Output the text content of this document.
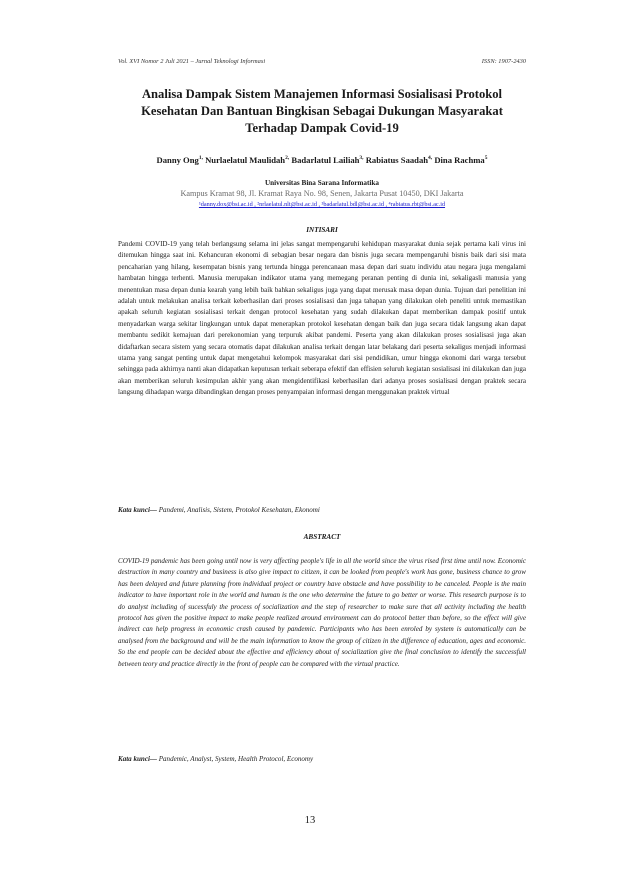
Vol. XVI Nomor 2 Juli 2021 – Jurnal Teknologi Informasi	ISSN: 1907-2430
Analisa Dampak Sistem Manajemen Informasi Sosialisasi Protokol Kesehatan Dan Bantuan Bingkisan Sebagai Dukungan Masyarakat Terhadap Dampak Covid-19
Danny Ong$^{1,}$ Nurlaelatul Maulidah$^{2,}$ Badarlatul Lailiah$^{3,}$ Rabiatus Saadah$^{4,}$ Dina Rachma$^5$
Universitas Bina Sarana Informatika
Kampus Kramat 98, Jl. Kramat Raya No. 98, Senen, Jakarta Pusat 10450, DKI Jakarta
¹danny.dox@bsi.ac.id , ²nrlaelatul.nlt@bsi.ac.id , ³badarlatul.bdl@bsi.ac.id , ⁴rabiatus.rbt@bsi.ac.id
INTISARI
Pandemi COVID-19 yang telah berlangsung selama ini jelas sangat mempengaruhi kehidupan masyarakat dunia sejak pertama kali virus ini ditemukan hingga saat ini. Kehancuran ekonomi di sebagian besar negara dan bisnis juga secara mempengaruhi bisnis baik dari sisi mata pencaharian yang hilang, kesempatan bisnis yang tertunda hingga perencanaan masa depan dari suatu individu atau negara juga mengalami hambatan hingga terhenti. Manusia merupakan indikator utama yang memegang peranan penting di dunia ini, sekaligasli manusia yang menentukan masa depan dunia kearah yang lebih baik bahkan sekaligus juga yang dapat merusak masa depan dunia. Tujuan dari penelitian ini adalah untuk melakukan analisa terkait keberhasilan dari proses sosialisasi dan juga tahapan yang dilakukan oleh peneliti untuk memastikan apakah seluruh kegiatan sosialisasi terkait dengan protocol kesehatan yang sudah dilakukan dapat memberikan dampak positif untuk menyadarkan warga sekitar lingkungan untuk dapat menerapkan protokol kesehatan dengan baik dan juga secara tidak langsung akan dapat membantu sedikit kemajuan dari perekonomian yang terpuruk akibat pandemi. Peserta yang akan dilakukan proses sosialisasi juga akan didaftarkan secara sistem yang secara otomatis dapat dilakukan analisa terkait dengan latar belakang dari peserta sekaligus menjadi informasi utama yang sangat penting untuk dapat mengetahui kelompok masyarakat dari sisi pendidikan, umur hingga ekonomi dari warga tersebut sehingga pada akhirnya nanti akan didapatkan keputusan terkait seberapa efektif dan effisien seluruh kegiatan sosialisasi ini dilakukan dan juga akan memberikan seluruh kesimpulan akhir yang akan mengidentifikasi keberhasilan dari adanya proses sosialisasi dengan praktek secara langsung dihadapan warga dibandingkan dengan proses penyampaian informasi dengan menggunakan praktek virtual
Kata kunci— Pandemi, Analisis, Sistem, Protokol Kesehatan, Ekonomi
ABSTRACT
COVID-19 pandemic has been going until now is very affecting people's life in all the world since the virus rised first time until now. Economic destruction in many country and business is also give impact to citizen, it can be looked from people's work has gone, business chance to grow has been delayed and future planning from individual project or country have obstacle and have possibility to be canceled. People is the main indicator to have important role in the world and human is the one who determine the future to go better or worse. This research purpose is to do analyst including of sucessfuly the process of socialization and the step of researcher to make sure that all activity including the health protocol has given the positive impact to make people realized around environment can do protocol better than before, so the effect will give indirect can help progress in economic crash caused by pandemic. Participants who has been enroled by system is automatically can be analysed from the background and will be the main information to know the group of citizen in the difference of education, ages and economic. So the end people can be decided about the effective and efficiency about of socialization give the final conclusion to identify the successfull between teory and practice directly in the front of people can be compared with the virtual practice.
Kata kunci— Pandemic, Analyst, System, Health Protocol, Economy
13
